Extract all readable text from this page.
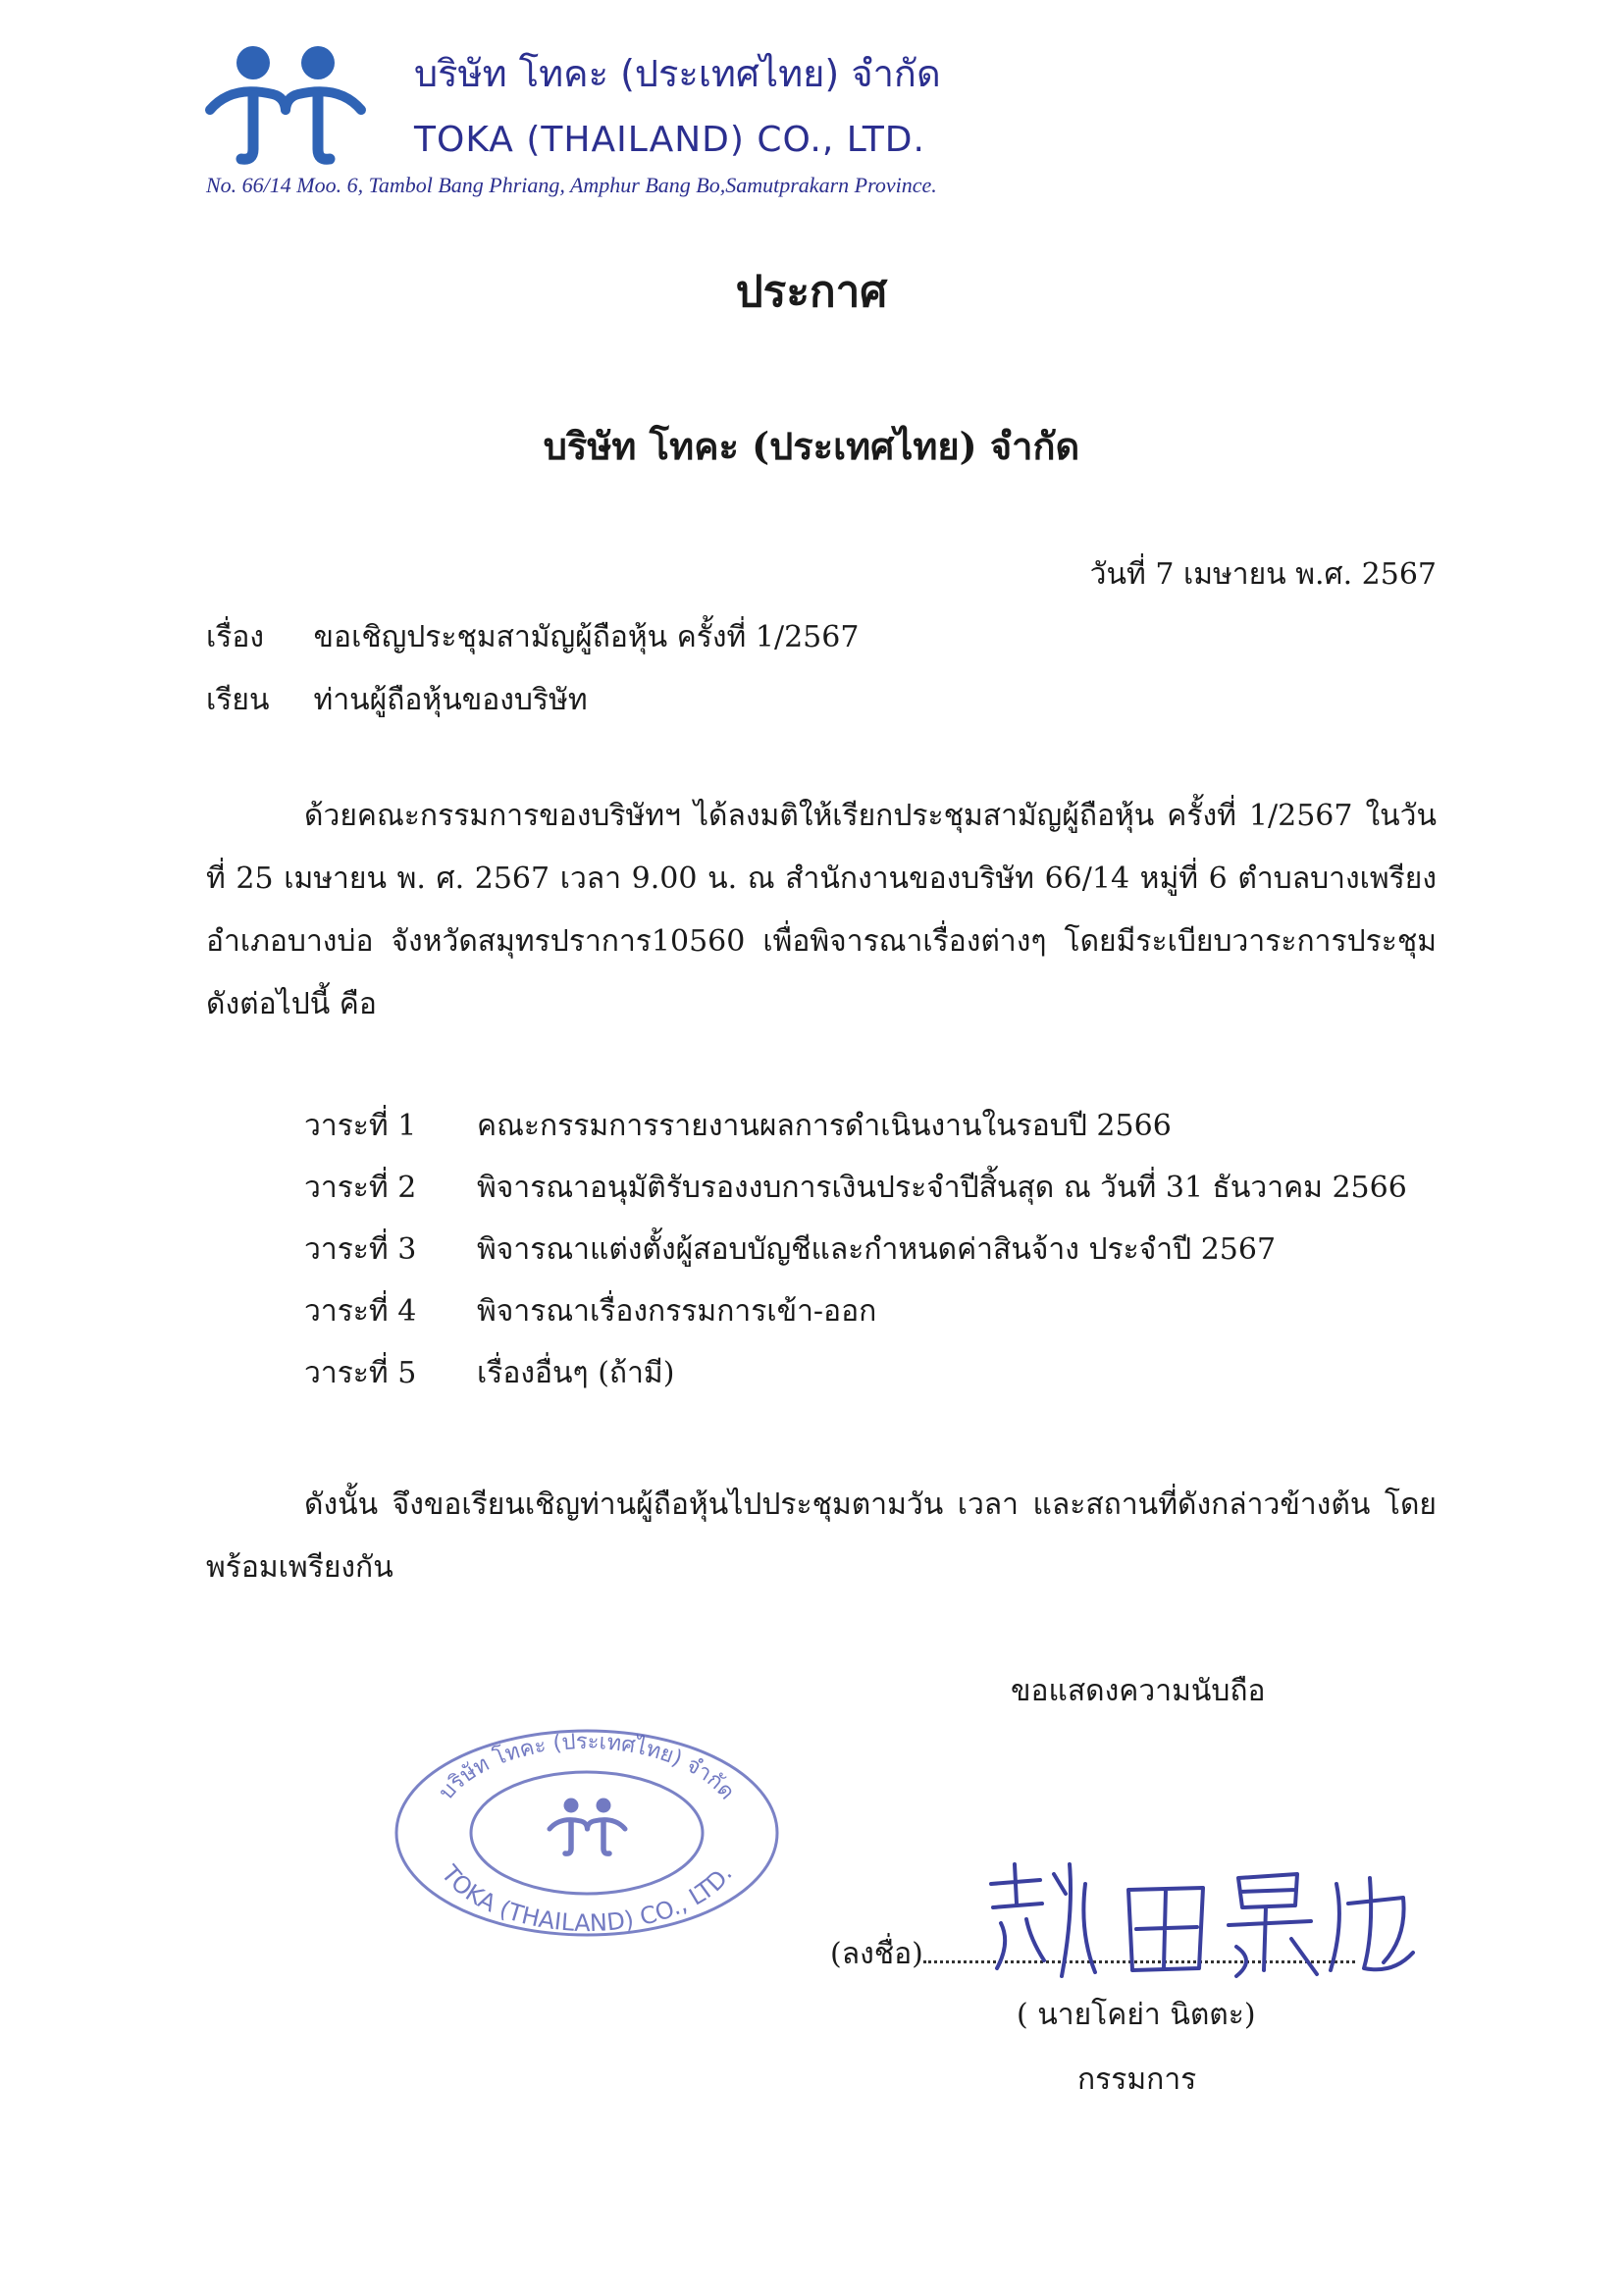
บริษัท โทคะ (ประเทศไทย) จำกัด
TOKA (THAILAND) CO., LTD.
No. 66/14 Moo. 6, Tambol Bang Phriang, Amphur Bang Bo,Samutprakarn Province.
ประกาศ
บริษัท โทคะ (ประเทศไทย) จำกัด
วันที่ 7 เมษายน พ.ศ. 2567
เรื่อง ขอเชิญประชุมสามัญผู้ถือหุ้น ครั้งที่ 1/2567
เรียน ท่านผู้ถือหุ้นของบริษัท
ด้วยคณะกรรมการของบริษัทฯ ได้ลงมติให้เรียกประชุมสามัญผู้ถือหุ้น ครั้งที่ 1/2567 ในวันที่ 25 เมษายน พ. ศ. 2567 เวลา 9.00 น. ณ สำนักงานของบริษัท 66/14 หมู่ที่ 6 ตำบลบางเพรียง อำเภอบางบ่อ จังหวัดสมุทรปราการ10560 เพื่อพิจารณาเรื่องต่างๆ โดยมีระเบียบวาระการประชุม ดังต่อไปนี้ คือ
วาระที่ 1 คณะกรรมการรายงานผลการดำเนินงานในรอบปี 2566
วาระที่ 2 พิจารณาอนุมัติรับรองงบการเงินประจำปีสิ้นสุด ณ วันที่ 31 ธันวาคม 2566
วาระที่ 3 พิจารณาแต่งตั้งผู้สอบบัญชีและกำหนดค่าสินจ้าง ประจำปี 2567
วาระที่ 4 พิจารณาเรื่องกรรมการเข้า-ออก
วาระที่ 5 เรื่องอื่นๆ (ถ้ามี)
ดังนั้น จึงขอเรียนเชิญท่านผู้ถือหุ้นไปประชุมตามวัน เวลา และสถานที่ดังกล่าวข้างต้น โดยพร้อมเพรียงกัน
ขอแสดงความนับถือ
บริษัท โทคะ (ประเทศไทย) จำกัด
TOKA (THAILAND) CO., LTD.
(ลงชื่อ)
( นายโคย่า นิตตะ)
กรรมการ
